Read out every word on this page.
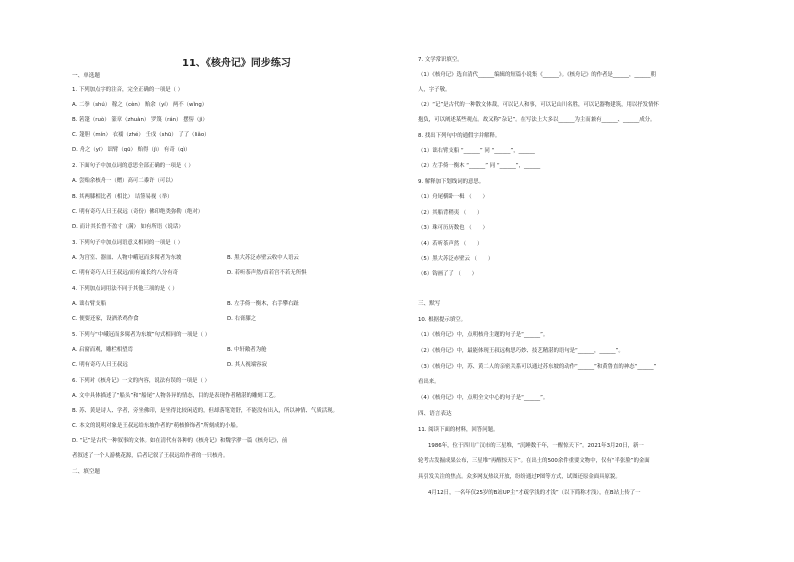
11、《核舟记》同步练习
一、单选题
1. 下列加点字的注音，完全正确的一项是（ ）
A. 二拳（shú） 稼之（cèn） 贻余（yí） 两不（wǐng）
B. 箬篷（ruò） 篆章（zhuàn） 罗篾（rán） 摆髻（jì）
C. 篷胆（mín） 衣襦（zhé） 壬戌（shū） 了了（liǎo）
D. 舟之（yī） 诎臂（qū） 贻得（jì） 有奇（qì）
2. 下面句子中加点词的意思全部正确的一项是（ ）
A. 尝贻余核舟一（赠）高可二黍许（可以）
B. 其两膝相比者（相比） 诘签易视（举）
C. 明有奇巧人曰王叔远（奇份）佛印绝类弥勒（绝对）
D. 而计其长曾不盈寸（满） 如有所语（说话）
3. 下列句子中加点词语意义相同的一项是（ ）
A. 为宫室、器皿、人物中峨冠而多髯者为东坡	B. 黑大苏泛赤壁云收中人语云
C. 明有奇巧人曰王叔远/而有诚长约八分有奇	D. 若听茶声然/首若宫不若无所惧
4. 下列加点词用法不同于其他三项的是（ ）
A. 诎右臂支船	B. 左手倚一衡木，右手攀右趾
C. 便要还家，设酒杀鸡作食	D. 右膏膝之
5. 下列与“中峨冠而多髯者为东坡”句式相同的一项是（ ）
A. 启窗而观，雕栏相望焉	B. 中轩敞者为舱
C. 明有奇巧人曰王叔远	D. 其人视端容寂
6. 下列对《核舟记》一文的内容，说法有误的一项是（ ）
A. 文中具体描述了“船头”和“船尾”人物各异的情态，目的是表现作者精湛的雕刻工艺。
B. 苏、黄是诗人、学者，旁坐佛印，是坐得比较闲适的，但却落笔宽舒，不能没有出入，所以神情、气质活现。
C. 本文的说明对象是王叔远给东坡作者的“萌核修饰者”所刻成的小船。
D. “记”是古代一种叙事的文体。如在清代有各种的《核舟记》和魏学洢一篇《核舟记》，前
者叙述了一个人游桃花源，后者记叙了王叔远给作者的一只核舟。
二、填空题
7. 文学常识填空。
（1）《核舟记》选自清代______编辑的短篇小说集《______》。《核舟记》的作者是______，______朝
人，字子敬。
（2）“记”是古代的一种散文体裁，可以记人和事，可以记山川名胜，可以记器物建筑，用以抒发情怀
抱负，可以阐述某些观点。故又称“杂记”。在写法上大多以______为主而兼有______、______成分。
8. 找出下列句中的通假字并解释。
（1）诎右臂支船 “______” 同 “______”，______
（2）左手倚一衡木 “______” 同 “______”，______
9. 解释加下划线词的意思。
（1）舟尾横卧一楫 （　　）
（2）其船背稍夷 （　　）
（3）珠可历历数也 （　　）
（4）若听茶声然 （　　）
（5）黑大苏泛赤壁云 （　　）
（6）钩画了了 （　　）
三、默写
10. 根据提示填空。
（1）《核舟记》中，点明核舟主题的句子是“______”。
（2）《核舟记》中，最能体现王叔远构思巧妙、技艺精湛的语句是“______，______”。
（3）《核舟记》中，苏、黄二人的亲密关系可以通过苏东坡的动作“______”和黄鲁直的神态“______”
看出来。
（4）《核舟记》中，点明全文中心的句子是“______”。
四、语言表达
11. 阅读下面的材料，回答问题。
1986年，位于四川广汉市的三星堆，“沉睡数千年，一醒惊天下”。2021年3月20日，新一
轮考古发掘成果公布，三星堆“再醒惊天下”。在出土的500余件重要文物中，仅有“半张脸”的金面
具引发关注的焦点。众多网友热议开放，纷纷通过P图等方式，试图还原金面具原貌。
4月12日，一名年仅25岁的B站UP主“才疏学浅的才浅”（以下简称才浅），在B站上传了一
